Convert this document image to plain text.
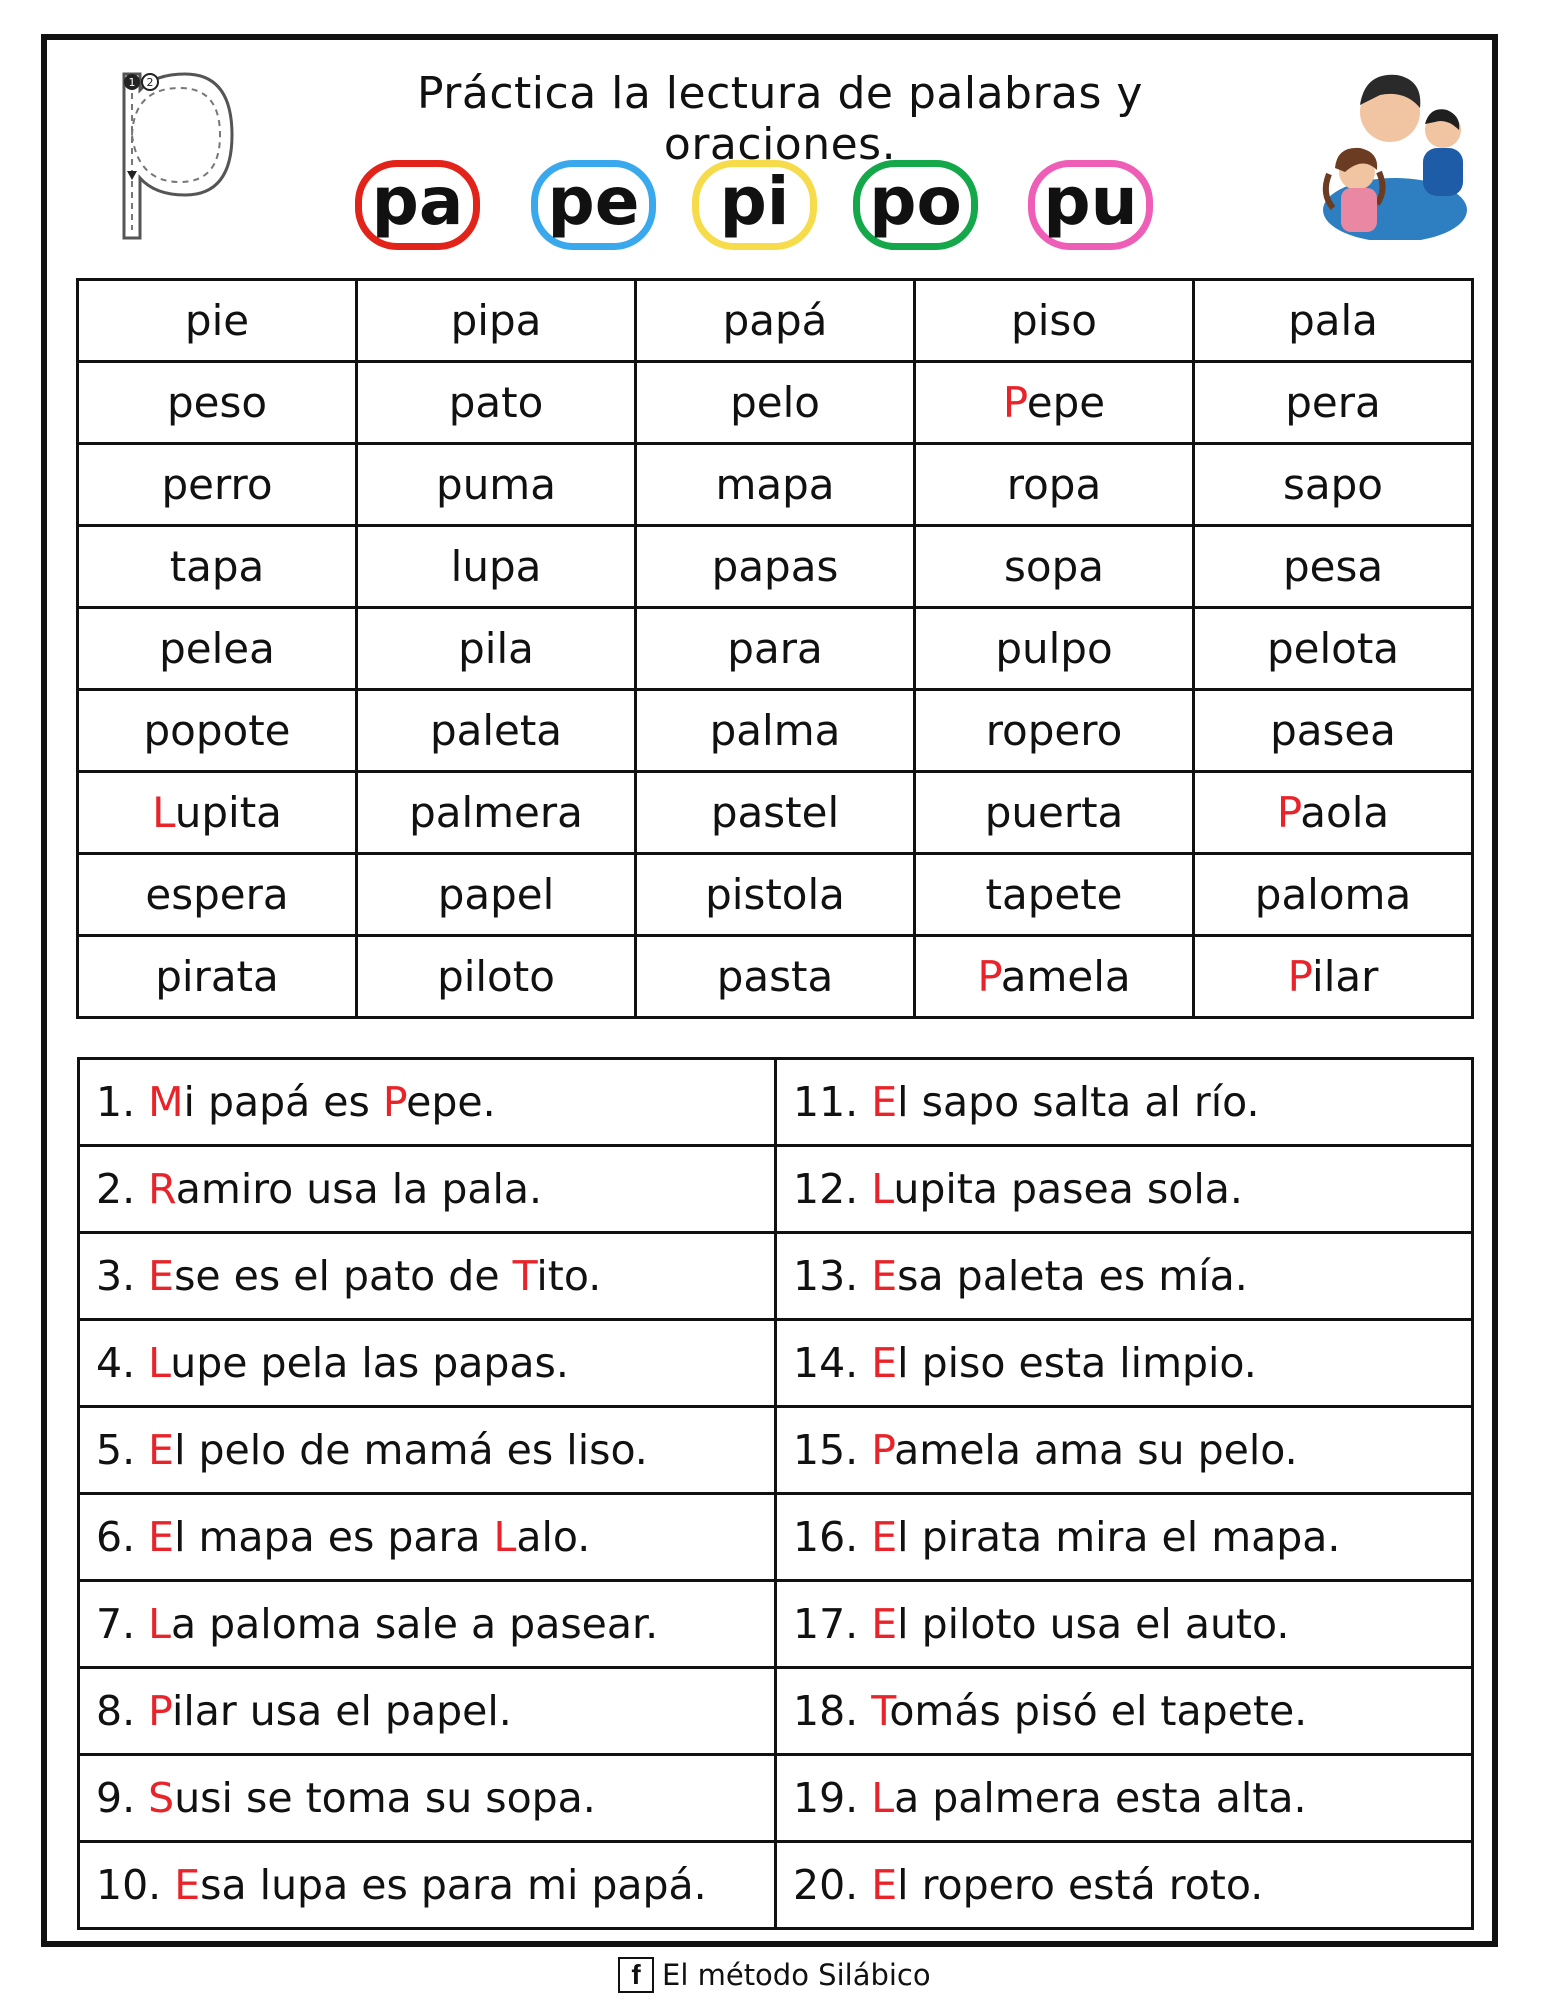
1 2	Práctica la lectura de palabras y oraciones.
pa pe	pi	po pu
pie	pipa	papá	piso	pala
peso	pato	pelo	Pepe	pera
perro	puma	mapa	ropa	sapo
tapa	lupa	papas	sopa	pesa
pelea	pila	para	pulpo	pelota
popote	paleta	palma	ropero	pasea
Lupita	palmera	pastel	puerta	Paola
espera	papel	pistola	tapete	paloma
pirata	piloto	pasta	Pamela	Pilar
1. Mi papá es Pepe.	11. El sapo salta al río.
2. Ramiro usa la pala.	12. Lupita pasea sola.
3. Ese es el pato de Tito.	13. Esa paleta es mía.
4. Lupe pela las papas.	14. El piso esta limpio.
5. El pelo de mamá es liso.	15. Pamela ama su pelo.
6. El mapa es para Lalo.	16. El pirata mira el mapa.
7. La paloma sale a pasear.	17. El piloto usa el auto.
8. Pilar usa el papel.	18. Tomás pisó el tapete.
9. Susi se toma su sopa.	19. La palmera esta alta.
10. Esa lupa es para mi papá.	20. El ropero está roto.
f El método Silábico
